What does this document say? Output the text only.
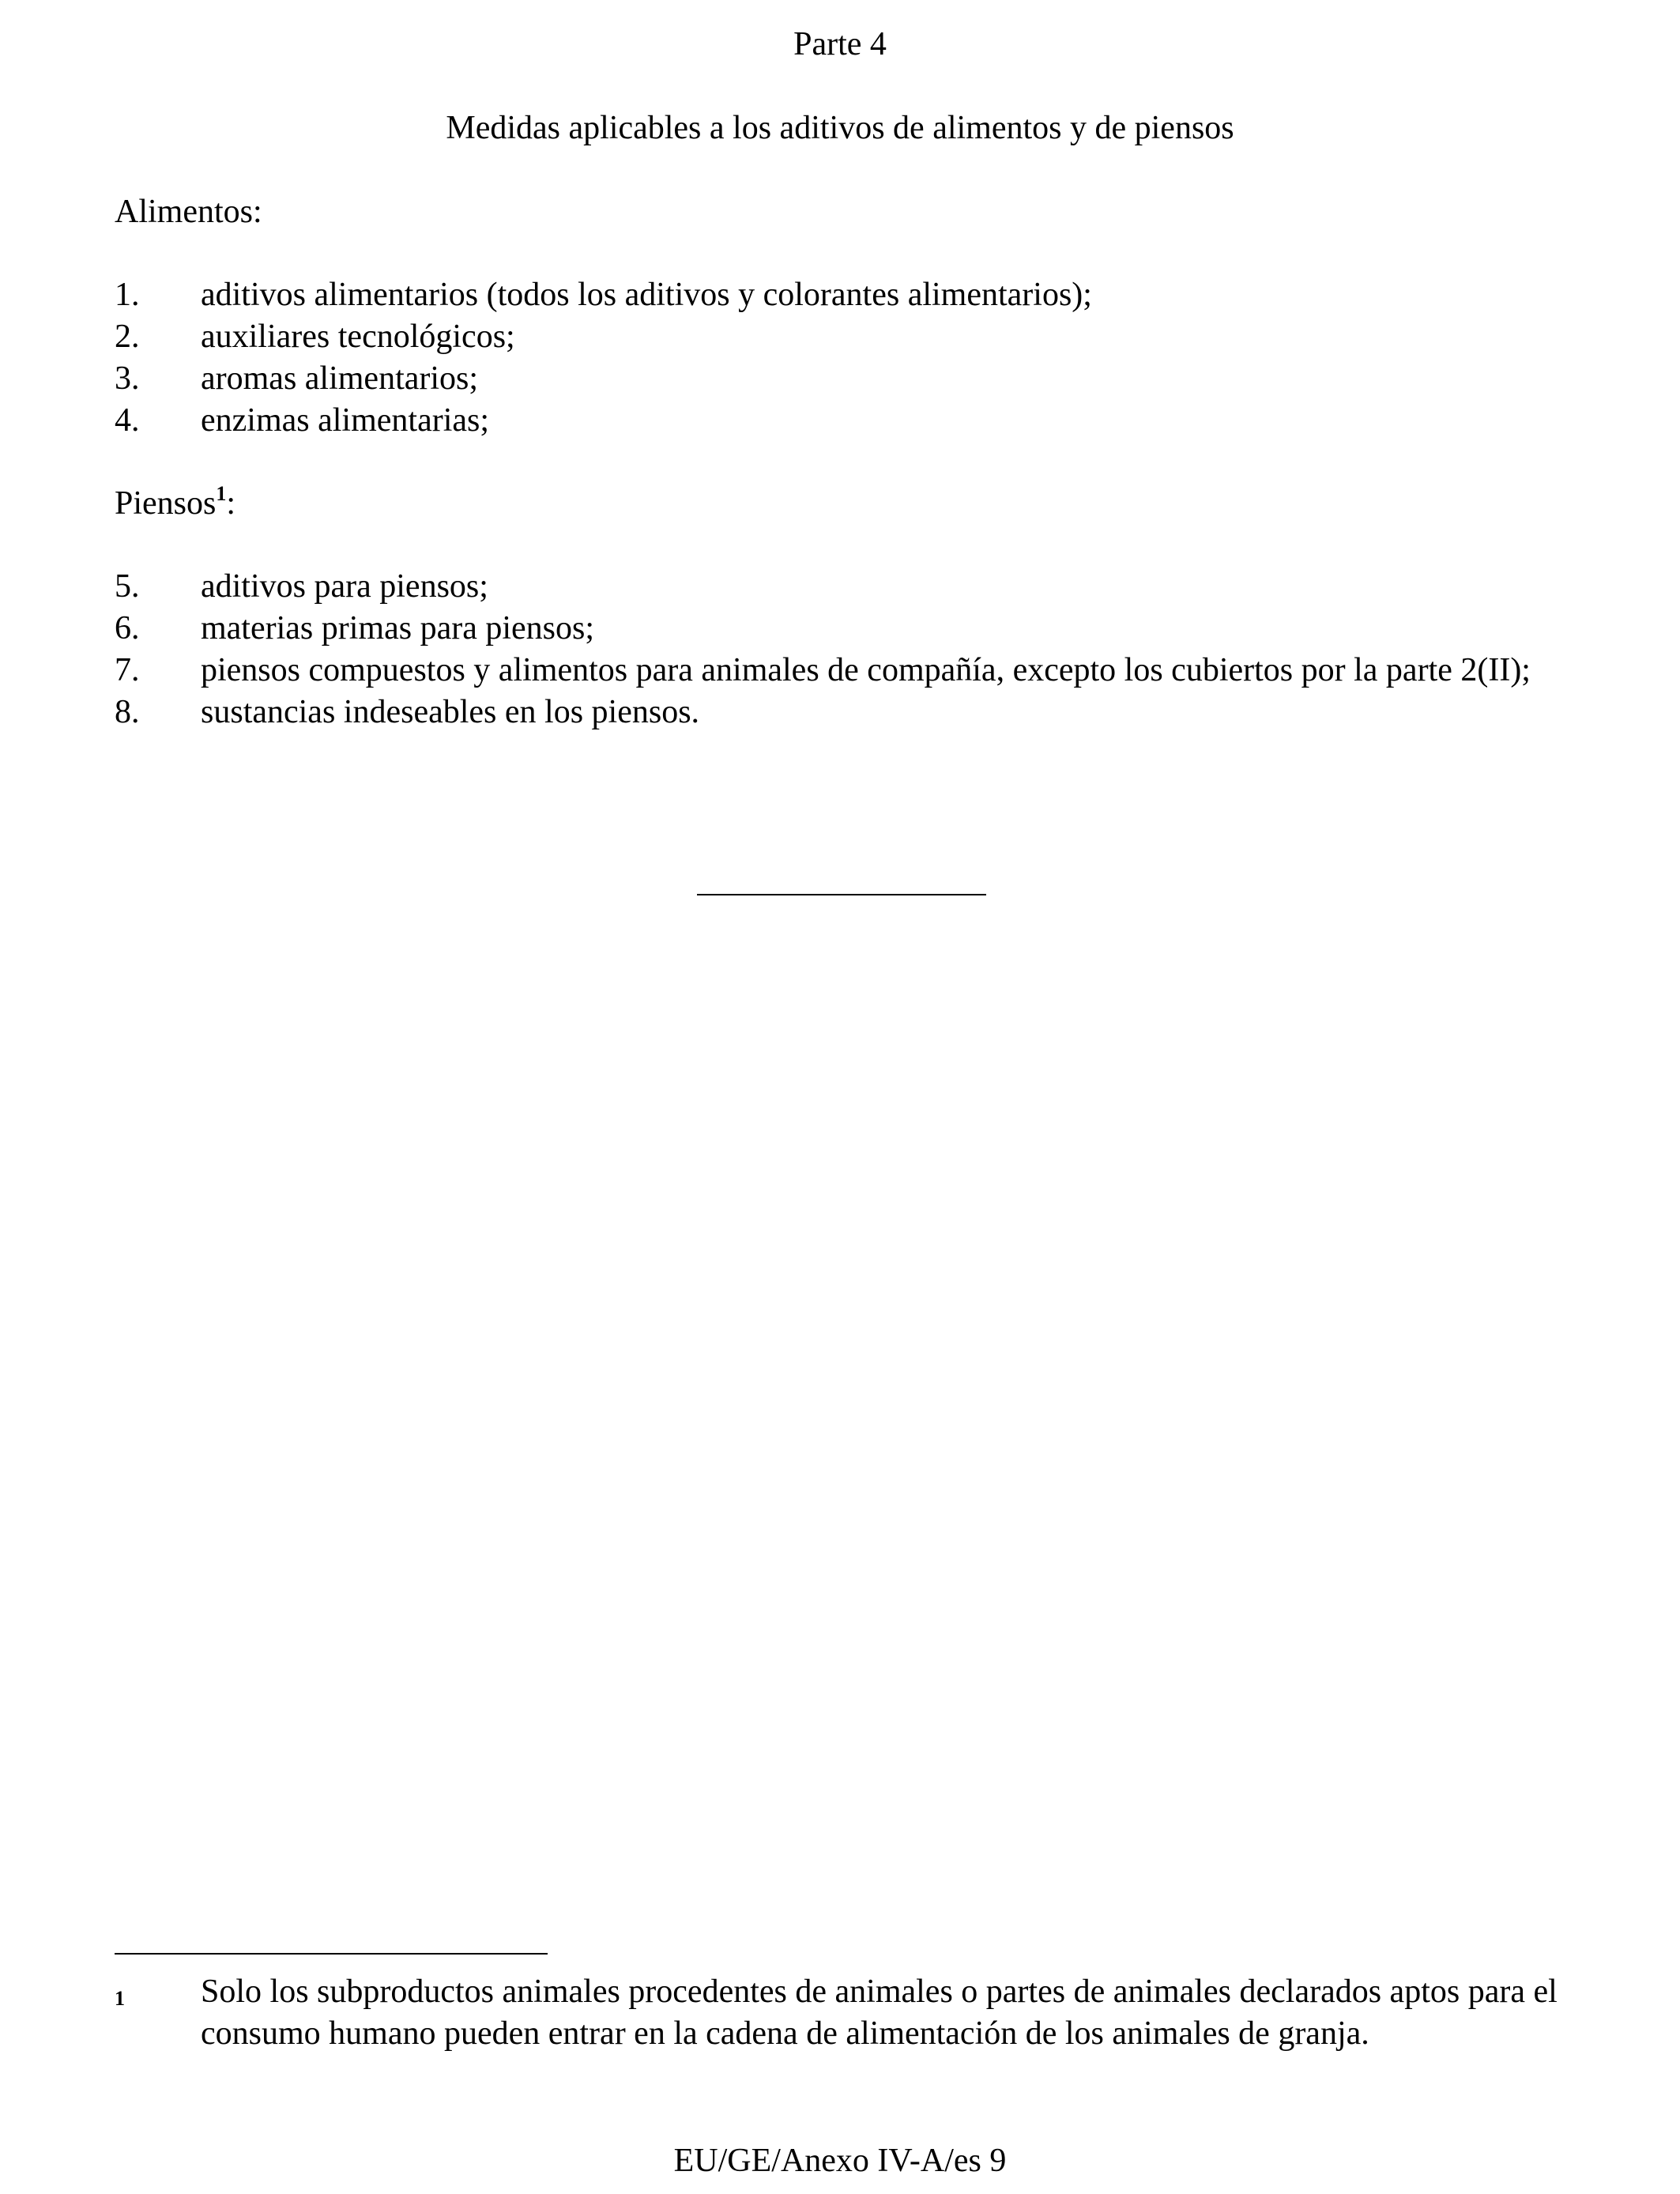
Parte 4
Medidas aplicables a los aditivos de alimentos y de piensos

Alimentos:

1.	aditivos alimentarios (todos los aditivos y colorantes alimentarios);
2.	auxiliares tecnológicos;
3.	aromas alimentarios;
4.	enzimas alimentarias;

Piensos$^1$:

5.	aditivos para piensos;
6.	materias primas para piensos;
7.	piensos compuestos y alimentos para animales de compañía, excepto los cubiertos por la parte 2(II);
8.	sustancias indeseables en los piensos.
1	Solo los subproductos animales procedentes de animales o partes de animales declarados aptos para el consumo humano pueden entrar en la cadena de alimentación de los animales de granja.
EU/GE/Anexo IV-A/es 9
